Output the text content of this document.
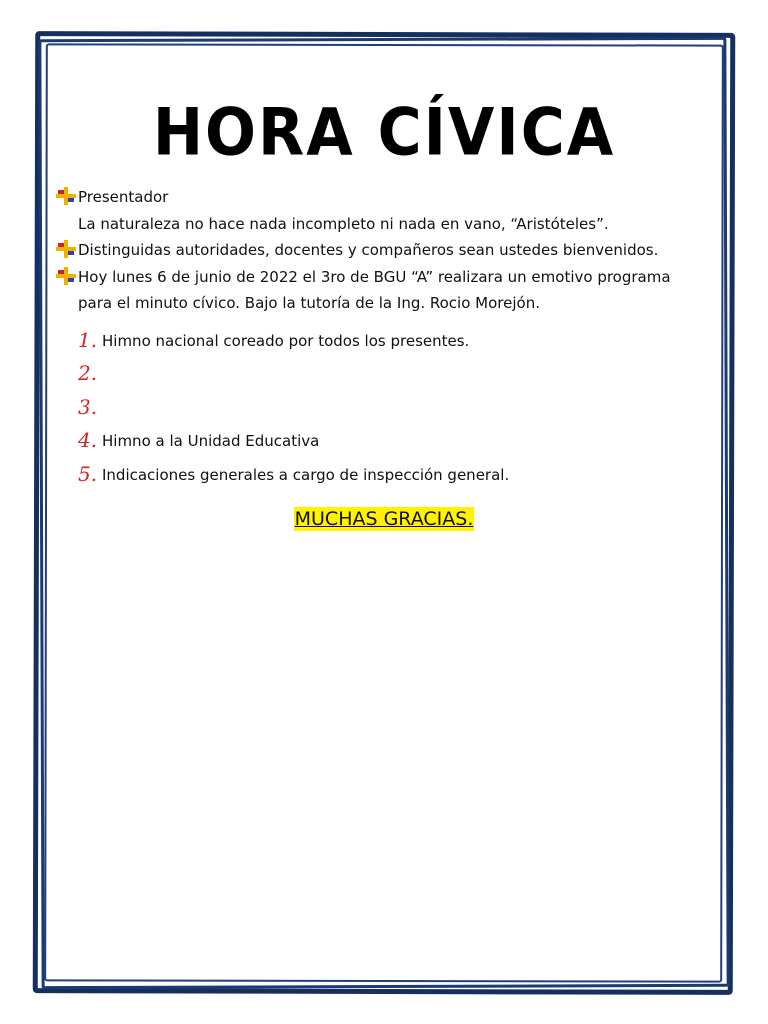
HORA CÍVICA
Presentador
La naturaleza no hace nada incompleto ni nada en vano, “Aristóteles”.
Distinguidas autoridades, docentes y compañeros sean ustedes bienvenidos.
Hoy lunes 6 de junio de 2022 el 3ro de BGU “A” realizara un emotivo programa
para el minuto cívico. Bajo la tutoría de la Ing. Rocio Morejón.
1. Himno nacional coreado por todos los presentes.
2.
3.
4. Himno a la Unidad Educativa
5. Indicaciones generales a cargo de inspección general.
MUCHAS GRACIAS.
